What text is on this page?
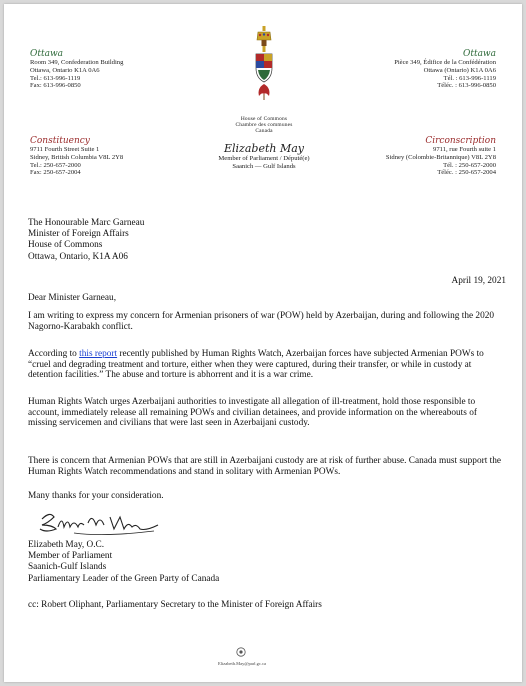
Ottawa
Room 349, Confederation Building
Ottawa, Ontario K1A 0A6
Tel.: 613-996-1119
Fax: 613-996-0850
Ottawa
Pièce 349, Édifice de la Confédération
Ottawa (Ontario) K1A 0A6
Tél. : 613-996-1119
Téléc. : 613-996-0850
House of Commons
Chambre des communes
Canada
Constituency
9711 Fourth Street Suite 1
Sidney, British Columbia V8L 2Y8
Tel.: 250-657-2000
Fax: 250-657-2004
Circonscription
9711, rue Fourth suite 1
Sidney (Colombie-Britannique) V8L 2Y8
Tél. : 250-657-2000
Téléc. : 250-657-2004
Elizabeth May
Member of Parliament / Député(e)
Saanich — Gulf Islands
The Honourable Marc Garneau
Minister of Foreign Affairs
House of Commons
Ottawa, Ontario, K1A A06
April 19, 2021
Dear Minister Garneau,
I am writing to express my concern for Armenian prisoners of war (POW) held by Azerbaijan, during and following the 2020 Nagorno-Karabakh conflict.
According to this report recently published by Human Rights Watch, Azerbaijan forces have subjected Armenian POWs to “cruel and degrading treatment and torture, either when they were captured, during their transfer, or while in custody at detention facilities.” The abuse and torture is abhorrent and it is a war crime.
Human Rights Watch urges Azerbaijani authorities to investigate all allegation of ill-treatment, hold those responsible to account, immediately release all remaining POWs and civilian detainees, and provide information on the whereabouts of missing servicemen and civilians that were last seen in Azerbaijani custody.
There is concern that Armenian POWs that are still in Azerbaijani custody are at risk of further abuse. Canada must support the Human Rights Watch recommendations and stand in solitary with Armenian POWs.
Many thanks for your consideration.
Elizabeth May, O.C.
Member of Parliament
Saanich-Gulf Islands
Parliamentary Leader of the Green Party of Canada
cc: Robert Oliphant, Parliamentary Secretary to the Minister of Foreign Affairs
Elizabeth.May@parl.gc.ca
